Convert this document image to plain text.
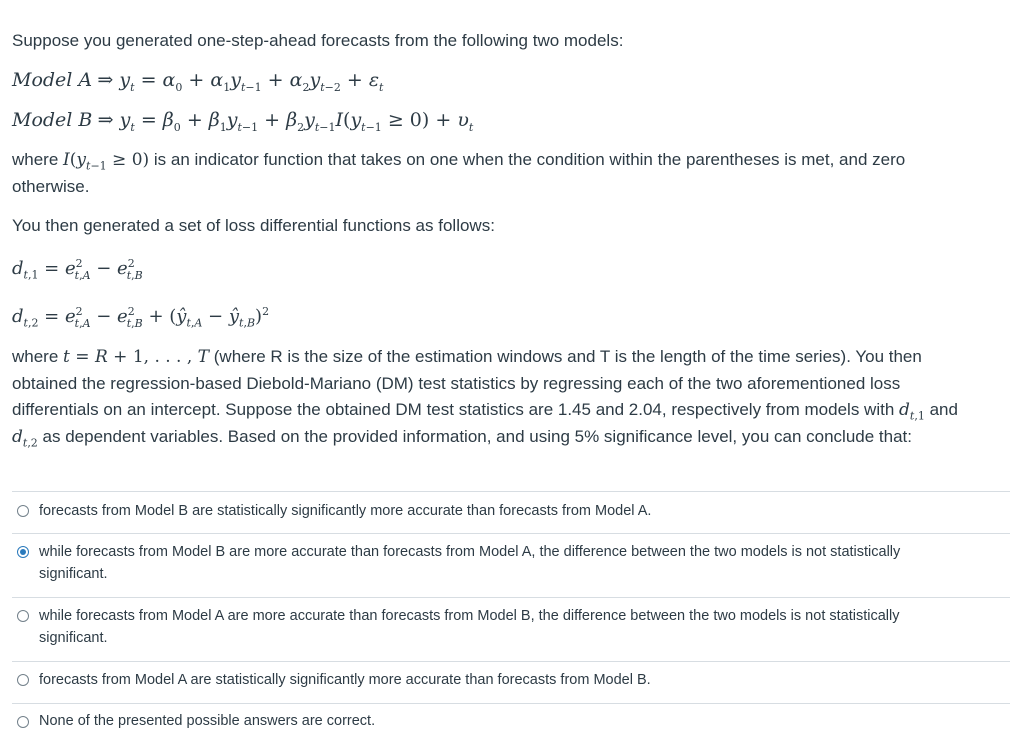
Suppose you generated one-step-ahead forecasts from the following two models:

Model A ⇒ $y_t = \alpha_0 + \alpha_1y_{t-1} + \alpha_2y_{t-2} + \varepsilon_t$

Model B ⇒ $y_t = \beta_0 + \beta_1y_{t-1} + \beta_2y_{t-1}I(y_{t-1} \ge 0) + \upsilon_t$

where $I(y_{t-1} \ge 0)$ is an indicator function that takes on one when the condition within the parentheses is met, and zero

otherwise.

You then generated a set of loss differential functions as follows:

$d_{t,1} = e^2_{t,A} - e^2_{t,B}$

$d_{t,2} = e^2_{t,A} - e^2_{t,B}$ + ($ŷ_{t,A}$ − $ŷ_{t,B})^2$

where t = R + 1, . . . , T (where R is the size of the estimation windows and T is the length of the time series). You then

obtained the regression-based Diebold-Mariano (DM) test statistics by regressing each of the two aforementioned loss

differentials on an intercept. Suppose the obtained DM test statistics are 1.45 and 2.04, respectively from models with $d_{t,1}$ and

$d_{t,2}$ as dependent variables. Based on the provided information, and using 5% significance level, you can conclude that:

forecasts from Model B are statistically significantly more accurate than forecasts from Model A.
while forecasts from Model B are more accurate than forecasts from Model A, the difference between the two models is not statistically
significant.
while forecasts from Model A are more accurate than forecasts from Model B, the difference between the two models is not statistically
significant.
forecasts from Model A are statistically significantly more accurate than forecasts from Model B.
None of the presented possible answers are correct.
